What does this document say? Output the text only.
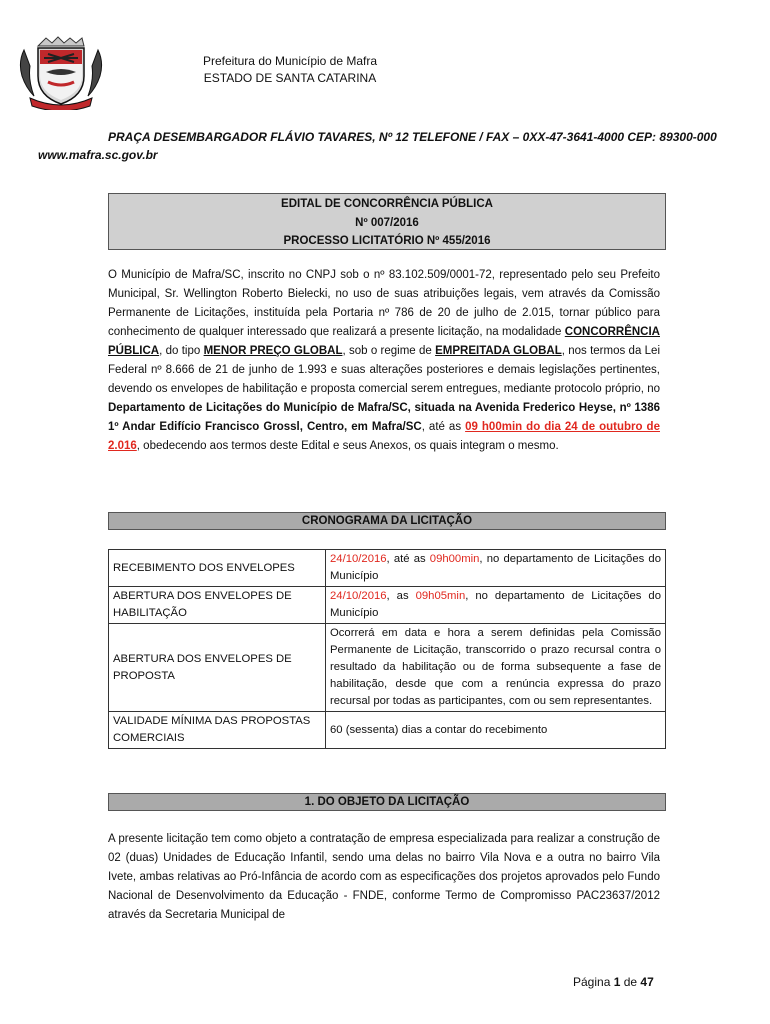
Prefeitura do Município de Mafra
ESTADO DE SANTA CATARINA
PRAÇA DESEMBARGADOR FLÁVIO TAVARES, Nº 12 TELEFONE / FAX – 0XX-47-3641-4000 CEP: 89300-000
www.mafra.sc.gov.br
EDITAL DE CONCORRÊNCIA PÚBLICA
Nº 007/2016
PROCESSO LICITATÓRIO Nº 455/2016
O Município de Mafra/SC, inscrito no CNPJ sob o nº 83.102.509/0001-72, representado pelo seu Prefeito Municipal, Sr. Wellington Roberto Bielecki, no uso de suas atribuições legais, vem através da Comissão Permanente de Licitações, instituída pela Portaria nº 786 de 20 de julho de 2.015, tornar público para conhecimento de qualquer interessado que realizará a presente licitação, na modalidade CONCORRÊNCIA PÚBLICA, do tipo MENOR PREÇO GLOBAL, sob o regime de EMPREITADA GLOBAL, nos termos da Lei Federal nº 8.666 de 21 de junho de 1.993 e suas alterações posteriores e demais legislações pertinentes, devendo os envelopes de habilitação e proposta comercial serem entregues, mediante protocolo próprio, no Departamento de Licitações do Município de Mafra/SC, situada na Avenida Frederico Heyse, nº 1386 1º Andar Edifício Francisco Grossl, Centro, em Mafra/SC, até as 09 h00min do dia 24 de outubro de 2.016, obedecendo aos termos deste Edital e seus Anexos, os quais integram o mesmo.
CRONOGRAMA DA LICITAÇÃO
RECEBIMENTO DOS ENVELOPES	24/10/2016, até as 09h00min, no departamento de Licitações do Município
ABERTURA DOS ENVELOPES DE HABILITAÇÃO	24/10/2016, as 09h05min, no departamento de Licitações do Município
ABERTURA DOS ENVELOPES DE PROPOSTA	Ocorrerá em data e hora a serem definidas pela Comissão Permanente de Licitação, transcorrido o prazo recursal contra o resultado da habilitação ou de forma subsequente a fase de habilitação, desde que com a renúncia expressa do prazo recursal por todas as participantes, com ou sem representantes.
VALIDADE MÍNIMA DAS PROPOSTAS COMERCIAIS	60 (sessenta) dias a contar do recebimento
1. DO OBJETO DA LICITAÇÃO
A presente licitação tem como objeto a contratação de empresa especializada para realizar a construção de 02 (duas) Unidades de Educação Infantil, sendo uma delas no bairro Vila Nova e a outra no bairro Vila Ivete, ambas relativas ao Pró-Infância de acordo com as especificações dos projetos aprovados pelo Fundo Nacional de Desenvolvimento da Educação - FNDE, conforme Termo de Compromisso PAC23637/2012 através da Secretaria Municipal de
Página 1 de 47
